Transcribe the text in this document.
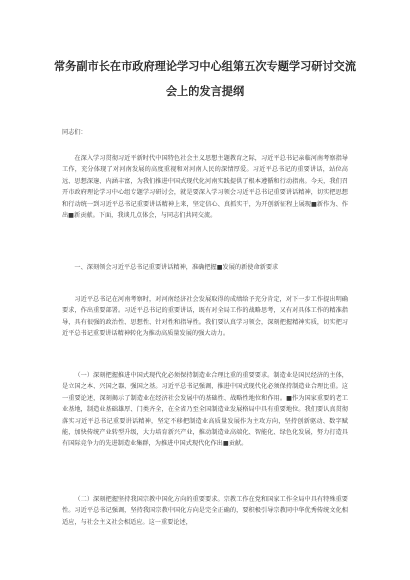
常务副市长在市政府理论学习中心组第五次专题学习研讨交流
会上的发言提纲

同志们：

在深入学习贯彻习近平新时代中国特色社会主义思想主题教育之际，习近平总书记亲临河南考察指导工作，充分体现了对河南发展的高度重视和对河南人民的深情厚爱。习近平总书记的重要讲话，站位高远、思想深邃、内涵丰富，为我们推进中国式现代化河南实践提供了根本遵循和行动指南。今天，我们召开市政府理论学习中心组专题学习研讨会，就是要深入学习领会习近平总书记重要讲话精神，切实把思想和行动统一到习近平总书记重要讲话精神上来，坚定信心、真抓实干，为开创新征程上展现■新作为、作出■新贡献。下面，我谈几点体会，与同志们共同交流。

一、深刻领会习近平总书记重要讲话精神，准确把握■发展的新使命新要求

习近平总书记在河南考察时，对河南经济社会发展取得的成绩给予充分肯定，对下一步工作提出明确要求，作出重要部署。习近平总书记的重要讲话，既有对全局工作的战略思考，又有对具体工作的精准指导，具有很强的政治性、思想性、针对性和指导性。我们要认真学习领会，深刻把握精神实质，切实把习近平总书记重要讲话精神转化为推动高质量发展的强大动力。

（一）深刻把握推进中国式现代化必须保持制造业合理比重的重要要求。制造业是国民经济的主体，是立国之本、兴国之器、强国之基。习近平总书记强调，推进中国式现代化必须保持制造业合理比重。这一重要论述，深刻揭示了制造业在经济社会发展中的基础性、战略性地位和作用。■作为国家重要的老工业基地，制造业基础雄厚、门类齐全，在全省乃至全国制造业发展格局中具有重要地位。我们要认真贯彻落实习近平总书记重要讲话精神，坚定不移把制造业高质量发展作为主攻方向，坚持创新驱动、数字赋能，加快传统产业转型升级，大力培育新兴产业，推动制造业高端化、智能化、绿色化发展，努力打造具有国际竞争力的先进制造业集群，为推进中国式现代化作出■贡献。

（二）深刻把握坚持我国宗教中国化方向的重要要求。宗教工作在党和国家工作全局中具有特殊重要性。习近平总书记强调，坚持我国宗教中国化方向是完全正确的，要积极引导宗教同中华优秀传统文化相适应，与社会主义社会相适应。这一重要论述，
